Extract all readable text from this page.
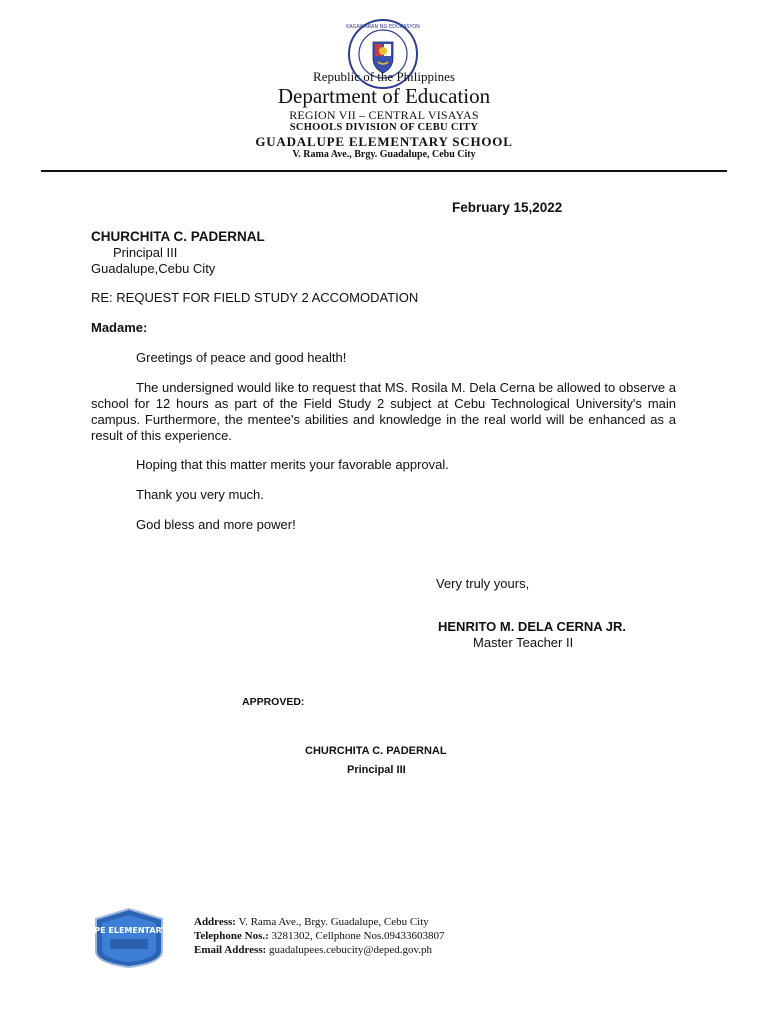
KAGAWARAN NG EDUKASYON
Republic of the Philippines
Department of Education
REGION VII – CENTRAL VISAYAS
SCHOOLS DIVISION OF CEBU CITY
GUADALUPE ELEMENTARY SCHOOL
V. Rama Ave., Brgy. Guadalupe, Cebu City
February 15,2022
CHURCHITA C. PADERNAL
Principal III
Guadalupe,Cebu City
RE: REQUEST FOR FIELD STUDY 2 ACCOMODATION
Madame:
Greetings of peace and good health!
The undersigned would like to request that MS. Rosila M. Dela Cerna be allowed to observe a school for 12 hours as part of the Field Study 2 subject at Cebu Technological University's main campus. Furthermore, the mentee's abilities and knowledge in the real world will be enhanced as a result of this experience.
Hoping that this matter merits your favorable approval.
Thank you very much.
God bless and more power!
Very truly yours,
HENRITO M. DELA CERNA JR.
Master Teacher II
APPROVED:
CHURCHITA C. PADERNAL
Principal III
GUADALUPE ELEMENTARY SCHOOL
Address: V. Rama Ave., Brgy. Guadalupe, Cebu City
Telephone Nos.: 3281302, Cellphone Nos.09433603807
Email Address: guadalupees.cebucity@deped.gov.ph
